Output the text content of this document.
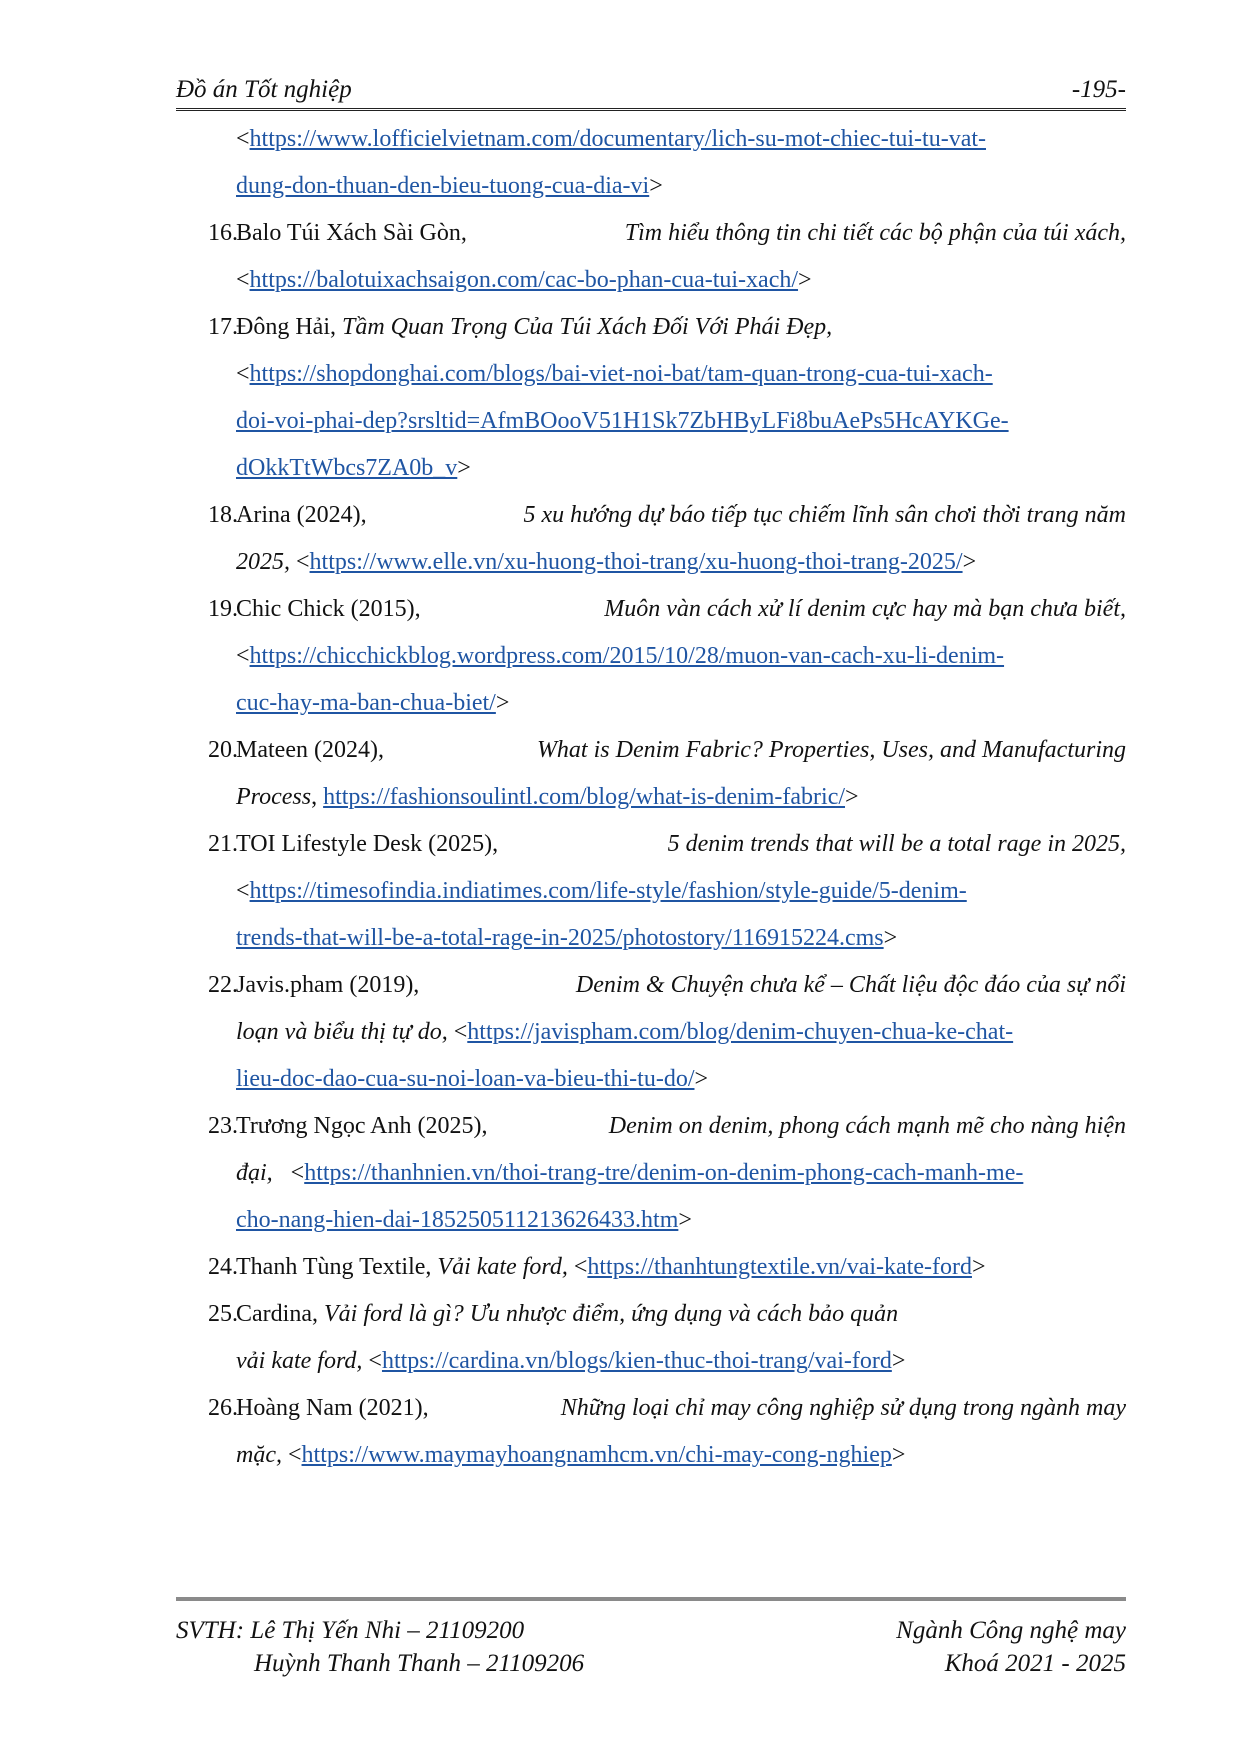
Đồ án Tốt nghiệp	-195-
<https://www.lofficielvietnam.com/documentary/lich-su-mot-chiec-tui-tu-vat-
dung-don-thuan-den-bieu-tuong-cua-dia-vi>
16.
Balo Túi Xách Sài Gòn,	Tìm hiểu thông tin chi tiết các bộ phận của túi xách,
<https://balotuixachsaigon.com/cac-bo-phan-cua-tui-xach/>
17.
Đông Hải, Tầm Quan Trọng Của Túi Xách Đối Với Phái Đẹp,
<https://shopdonghai.com/blogs/bai-viet-noi-bat/tam-quan-trong-cua-tui-xach-
doi-voi-phai-dep?srsltid=AfmBOooV51H1Sk7ZbHByLFi8buAePs5HcAYKGe-
dOkkTtWbcs7ZA0b_v>
18.
Arina (2024),	5 xu hướng dự báo tiếp tục chiếm lĩnh sân chơi thời trang năm
2025, <https://www.elle.vn/xu-huong-thoi-trang/xu-huong-thoi-trang-2025/>
19.
Chic Chick (2015),	Muôn vàn cách xử lí denim cực hay mà bạn chưa biết,
<https://chicchickblog.wordpress.com/2015/10/28/muon-van-cach-xu-li-denim-
cuc-hay-ma-ban-chua-biet/>
20.
Mateen (2024),	What is Denim Fabric? Properties, Uses, and Manufacturing
Process, https://fashionsoulintl.com/blog/what-is-denim-fabric/>
21.
TOI Lifestyle Desk (2025),	5 denim trends that will be a total rage in 2025,
<https://timesofindia.indiatimes.com/life-style/fashion/style-guide/5-denim-
trends-that-will-be-a-total-rage-in-2025/photostory/116915224.cms>
22.
Javis.pham (2019),	Denim & Chuyện chưa kể – Chất liệu độc đáo của sự nổi
loạn và biểu thị tự do, <https://javispham.com/blog/denim-chuyen-chua-ke-chat-
lieu-doc-dao-cua-su-noi-loan-va-bieu-thi-tu-do/>
23.
Trương Ngọc Anh (2025),	Denim on denim, phong cách mạnh mẽ cho nàng hiện
đại, <https://thanhnien.vn/thoi-trang-tre/denim-on-denim-phong-cach-manh-me-
cho-nang-hien-dai-185250511213626433.htm>
24.
Thanh Tùng Textile, Vải kate ford, <https://thanhtungtextile.vn/vai-kate-ford>
25.
Cardina, Vải ford là gì? Ưu nhược điểm, ứng dụng và cách bảo quản
vải kate ford, <https://cardina.vn/blogs/kien-thuc-thoi-trang/vai-ford>
26.
Hoàng Nam (2021),	Những loại chỉ may công nghiệp sử dụng trong ngành may
mặc, <https://www.maymayhoangnamhcm.vn/chi-may-cong-nghiep>
SVTH: Lê Thị Yến Nhi – 21109200
Huỳnh Thanh Thanh – 21109206
Ngành Công nghệ may
Khoá 2021 - 2025
